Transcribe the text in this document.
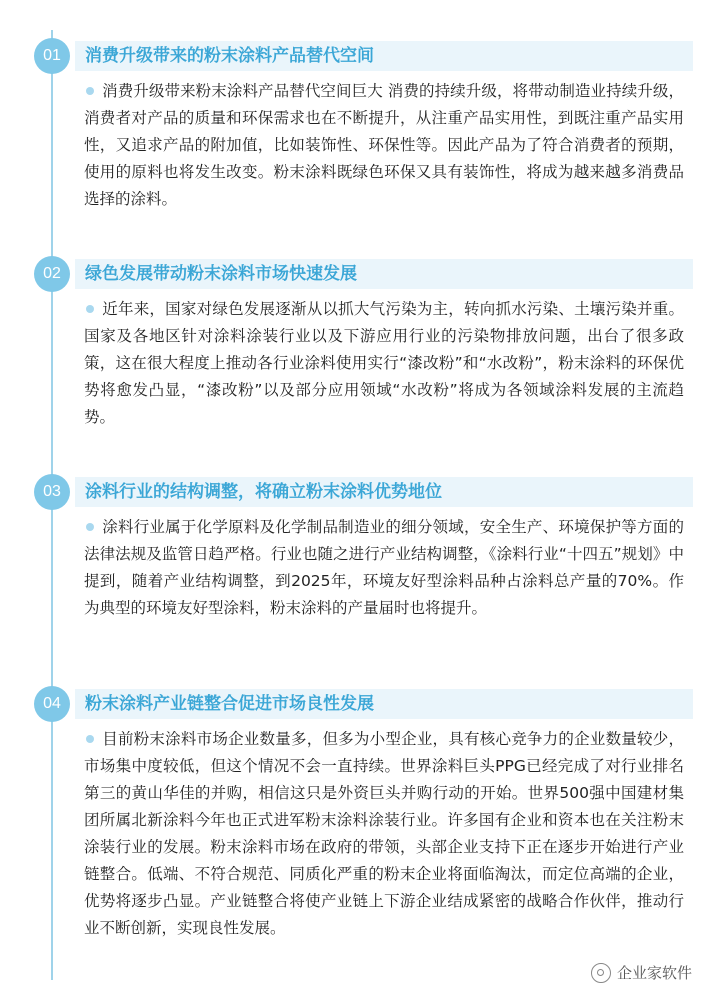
01	消费升级带来的粉末涂料产品替代空间
消费升级带来粉末涂料产品替代空间巨大 消费的持续升级，将带动制造业持续升级，消费者对产品的质量和环保需求也在不断提升，从注重产品实用性，到既注重产品实用性，又追求产品的附加值，比如装饰性、环保性等。因此产品为了符合消费者的预期，使用的原料也将发生改变。粉末涂料既绿色环保又具有装饰性，将成为越来越多消费品选择的涂料。
02	绿色发展带动粉末涂料市场快速发展
近年来，国家对绿色发展逐渐从以抓大气污染为主，转向抓水污染、土壤污染并重。国家及各地区针对涂料涂装行业以及下游应用行业的污染物排放问题，出台了很多政策，这在很大程度上推动各行业涂料使用实行“漆改粉”和“水改粉”，粉末涂料的环保优势将愈发凸显，“漆改粉”以及部分应用领域“水改粉”将成为各领域涂料发展的主流趋势。
03	涂料行业的结构调整，将确立粉末涂料优势地位
涂料行业属于化学原料及化学制品制造业的细分领域，安全生产、环境保护等方面的法律法规及监管日趋严格。行业也随之进行产业结构调整，《涂料行业“十四五”规划》中提到，随着产业结构调整，到2025年，环境友好型涂料品种占涂料总产量的70%。作为典型的环境友好型涂料，粉末涂料的产量届时也将提升。
04	粉末涂料产业链整合促进市场良性发展
目前粉末涂料市场企业数量多，但多为小型企业，具有核心竞争力的企业数量较少，市场集中度较低，但这个情况不会一直持续。世界涂料巨头PPG已经完成了对行业排名第三的黄山华佳的并购，相信这只是外资巨头并购行动的开始。世界500强中国建材集团所属北新涂料今年也正式进军粉末涂料涂装行业。许多国有企业和资本也在关注粉末涂装行业的发展。粉末涂料市场在政府的带领，头部企业支持下正在逐步开始进行产业链整合。低端、不符合规范、同质化严重的粉末企业将面临淘汰，而定位高端的企业，优势将逐步凸显。产业链整合将使产业链上下游企业结成紧密的战略合作伙伴，推动行业不断创新，实现良性发展。
企业家软件
